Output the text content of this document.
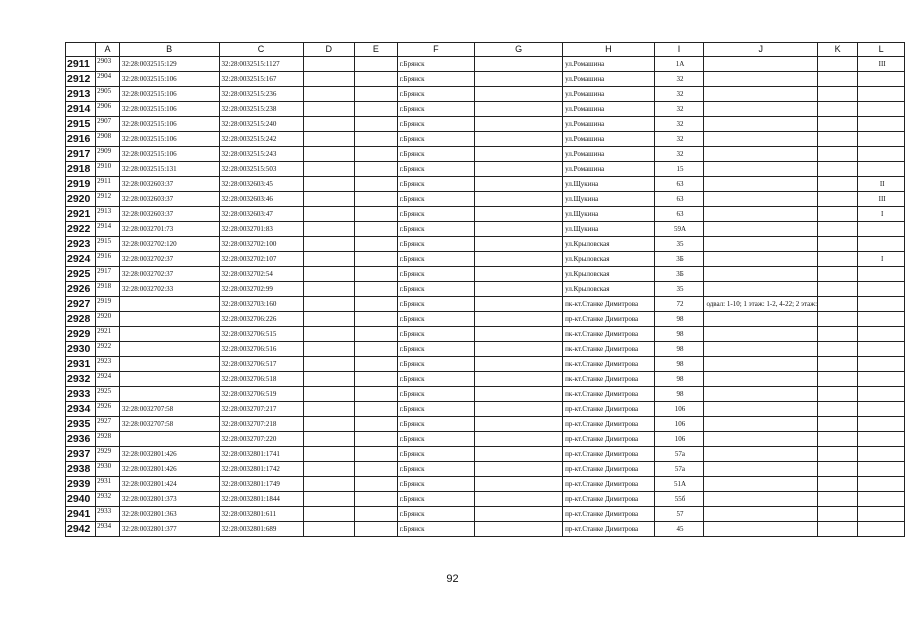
	A	B	C	D	E	F	G	H	I	J	K	L
2911	2903	32:28:0032515:129	32:28:0032515:1127			г.Брянск		ул.Ромашина	1А			III
2912	2904	32:28:0032515:106	32:28:0032515:167			г.Брянск		ул.Ромашина	32			
2913	2905	32:28:0032515:106	32:28:0032515:236			г.Брянск		ул.Ромашина	32			
2914	2906	32:28:0032515:106	32:28:0032515:238			г.Брянск		ул.Ромашина	32			
2915	2907	32:28:0032515:106	32:28:0032515:240			г.Брянск		ул.Ромашина	32			
2916	2908	32:28:0032515:106	32:28:0032515:242			г.Брянск		ул.Ромашина	32			
2917	2909	32:28:0032515:106	32:28:0032515:243			г.Брянск		ул.Ромашина	32			
2918	2910	32:28:0032515:131	32:28:0032515:503			г.Брянск		ул.Ромашина	15			
2919	2911	32:28:0032603:37	32:28:0032603:45			г.Брянск		ул.Щукина	63			II
2920	2912	32:28:0032603:37	32:28:0032603:46			г.Брянск		ул.Щукина	63			III
2921	2913	32:28:0032603:37	32:28:0032603:47			г.Брянск		ул.Щукина	63			I
2922	2914	32:28:0032701:73	32:28:0032701:83			г.Брянск		ул.Щукина	59А			
2923	2915	32:28:0032702:120	32:28:0032702:100			г.Брянск		ул.Крыловская	35			
2924	2916	32:28:0032702:37	32:28:0032702:107			г.Брянск		ул.Крыловская	3Б			I
2925	2917	32:28:0032702:37	32:28:0032702:54			г.Брянск		ул.Крыловская	3Б			
2926	2918	32:28:0032702:33	32:28:0032702:99			г.Брянск		ул.Крыловская	35			
2927	2919		32:28:0032703:160			г.Брянск		пк-кт.Станке Димитрова	72	одвал: 1-10; 1 этаж: 1-2, 4-22; 2 этаж:		
2928	2920		32:28:0032706:226			г.Брянск		пр-кт.Станке Димитрова	98			
2929	2921		32:28:0032706:515			г.Брянск		пк-кт.Станке Димитрова	98			
2930	2922		32:28:0032706:516			г.Брянск		пк-кт.Станке Димитрова	98			
2931	2923		32:28:0032706:517			г.Брянск		пк-кт.Станке Димитрова	98			
2932	2924		32:28:0032706:518			г.Брянск		пк-кт.Станке Димитрова	98			
2933	2925		32:28:0032706:519			г.Брянск		пк-кт.Станке Димитрова	98			
2934	2926	32:28:0032707:58	32:28:0032707:217			г.Брянск		пр-кт.Станке Димитрова	106			
2935	2927	32:28:0032707:58	32:28:0032707:218			г.Брянск		пр-кт.Станке Димитрова	106			
2936	2928		32:28:0032707:220			г.Брянск		пр-кт.Станке Димитрова	106			
2937	2929	32:28:0032801:426	32:28:0032801:1741			г.Брянск		пр-кт.Станке Димитрова	57а			
2938	2930	32:28:0032801:426	32:28:0032801:1742			г.Брянск		пр-кт.Станке Димитрова	57а			
2939	2931	32:28:0032801:424	32:28:0032801:1749			г.Брянск		пр-кт.Станке Димитрова	51А			
2940	2932	32:28:0032801:373	32:28:0032801:1844			г.Брянск		пр-кт.Станке Димитрова	55б			
2941	2933	32:28:0032801:363	32:28:0032801:611			г.Брянск		пр-кт.Станке Димитрова	57			
2942	2934	32:28:0032801:377	32:28:0032801:689			г.Брянск		пр-кт.Станке Димитрова	45			
92
